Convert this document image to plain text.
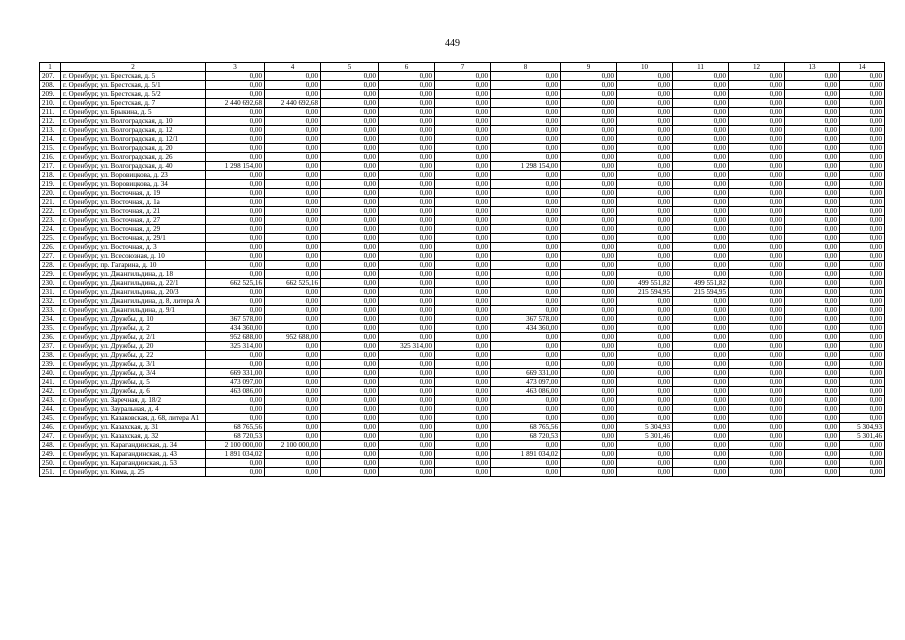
449
1	2	3	4	5	6	7	8	9	10	11	12	13	14
207.	г. Оренбург, ул. Брестская, д. 5	0,00	0,00	0,00	0,00	0,00	0,00	0,00	0,00	0,00	0,00	0,00	0,00
208.	г. Оренбург, ул. Брестская, д. 5/1	0,00	0,00	0,00	0,00	0,00	0,00	0,00	0,00	0,00	0,00	0,00	0,00
209.	г. Оренбург, ул. Брестская, д. 5/2	0,00	0,00	0,00	0,00	0,00	0,00	0,00	0,00	0,00	0,00	0,00	0,00
210.	г. Оренбург, ул. Брестская, д. 7	2 440 692,68	2 440 692,68	0,00	0,00	0,00	0,00	0,00	0,00	0,00	0,00	0,00	0,00
211.	г. Оренбург, ул. Брыкина, д. 5	0,00	0,00	0,00	0,00	0,00	0,00	0,00	0,00	0,00	0,00	0,00	0,00
212.	г. Оренбург, ул. Волгоградская, д. 10	0,00	0,00	0,00	0,00	0,00	0,00	0,00	0,00	0,00	0,00	0,00	0,00
213.	г. Оренбург, ул. Волгоградская, д. 12	0,00	0,00	0,00	0,00	0,00	0,00	0,00	0,00	0,00	0,00	0,00	0,00
214.	г. Оренбург, ул. Волгоградская, д. 12/1	0,00	0,00	0,00	0,00	0,00	0,00	0,00	0,00	0,00	0,00	0,00	0,00
215.	г. Оренбург, ул. Волгоградская, д. 20	0,00	0,00	0,00	0,00	0,00	0,00	0,00	0,00	0,00	0,00	0,00	0,00
216.	г. Оренбург, ул. Волгоградская, д. 26	0,00	0,00	0,00	0,00	0,00	0,00	0,00	0,00	0,00	0,00	0,00	0,00
217.	г. Оренбург, ул. Волгоградская, д. 40	1 298 154,00	0,00	0,00	0,00	0,00	1 298 154,00	0,00	0,00	0,00	0,00	0,00	0,00
218.	г. Оренбург, ул. Воровицкова, д. 23	0,00	0,00	0,00	0,00	0,00	0,00	0,00	0,00	0,00	0,00	0,00	0,00
219.	г. Оренбург, ул. Воровицкова, д. 34	0,00	0,00	0,00	0,00	0,00	0,00	0,00	0,00	0,00	0,00	0,00	0,00
220.	г. Оренбург, ул. Восточная, д. 19	0,00	0,00	0,00	0,00	0,00	0,00	0,00	0,00	0,00	0,00	0,00	0,00
221.	г. Оренбург, ул. Восточная, д. 1а	0,00	0,00	0,00	0,00	0,00	0,00	0,00	0,00	0,00	0,00	0,00	0,00
222.	г. Оренбург, ул. Восточная, д. 21	0,00	0,00	0,00	0,00	0,00	0,00	0,00	0,00	0,00	0,00	0,00	0,00
223.	г. Оренбург, ул. Восточная, д. 27	0,00	0,00	0,00	0,00	0,00	0,00	0,00	0,00	0,00	0,00	0,00	0,00
224.	г. Оренбург, ул. Восточная, д. 29	0,00	0,00	0,00	0,00	0,00	0,00	0,00	0,00	0,00	0,00	0,00	0,00
225.	г. Оренбург, ул. Восточная, д. 29/1	0,00	0,00	0,00	0,00	0,00	0,00	0,00	0,00	0,00	0,00	0,00	0,00
226.	г. Оренбург, ул. Восточная, д. 3	0,00	0,00	0,00	0,00	0,00	0,00	0,00	0,00	0,00	0,00	0,00	0,00
227.	г. Оренбург, ул. Всесоюзная, д. 10	0,00	0,00	0,00	0,00	0,00	0,00	0,00	0,00	0,00	0,00	0,00	0,00
228.	г. Оренбург, пр. Гагарина, д. 10	0,00	0,00	0,00	0,00	0,00	0,00	0,00	0,00	0,00	0,00	0,00	0,00
229.	г. Оренбург, ул. Джангильдина, д. 18	0,00	0,00	0,00	0,00	0,00	0,00	0,00	0,00	0,00	0,00	0,00	0,00
230.	г. Оренбург, ул. Джангильдина, д. 22/1	662 525,16	662 525,16	0,00	0,00	0,00	0,00	0,00	499 551,82	499 551,82	0,00	0,00	0,00
231.	г. Оренбург, ул. Джангильдина, д. 20/3	0,00	0,00	0,00	0,00	0,00	0,00	0,00	215 594,95	215 594,95	0,00	0,00	0,00
232.	г. Оренбург, ул. Джангильдина, д. 8, литера А	0,00	0,00	0,00	0,00	0,00	0,00	0,00	0,00	0,00	0,00	0,00	0,00
233.	г. Оренбург, ул. Джангильдина, д. 9/1	0,00	0,00	0,00	0,00	0,00	0,00	0,00	0,00	0,00	0,00	0,00	0,00
234.	г. Оренбург, ул. Дружбы, д. 10	367 578,00	0,00	0,00	0,00	0,00	367 578,00	0,00	0,00	0,00	0,00	0,00	0,00
235.	г. Оренбург, ул. Дружбы, д. 2	434 360,00	0,00	0,00	0,00	0,00	434 360,00	0,00	0,00	0,00	0,00	0,00	0,00
236.	г. Оренбург, ул. Дружбы, д. 2/1	952 688,00	952 688,00	0,00	0,00	0,00	0,00	0,00	0,00	0,00	0,00	0,00	0,00
237.	г. Оренбург, ул. Дружбы, д. 20	325 314,00	0,00	0,00	325 314,00	0,00	0,00	0,00	0,00	0,00	0,00	0,00	0,00
238.	г. Оренбург, ул. Дружбы, д. 22	0,00	0,00	0,00	0,00	0,00	0,00	0,00	0,00	0,00	0,00	0,00	0,00
239.	г. Оренбург, ул. Дружбы, д. 3/1	0,00	0,00	0,00	0,00	0,00	0,00	0,00	0,00	0,00	0,00	0,00	0,00
240.	г. Оренбург, ул. Дружбы, д. 3/4	669 331,00	0,00	0,00	0,00	0,00	669 331,00	0,00	0,00	0,00	0,00	0,00	0,00
241.	г. Оренбург, ул. Дружбы, д. 5	473 097,00	0,00	0,00	0,00	0,00	473 097,00	0,00	0,00	0,00	0,00	0,00	0,00
242.	г. Оренбург, ул. Дружбы, д. 6	463 086,00	0,00	0,00	0,00	0,00	463 086,00	0,00	0,00	0,00	0,00	0,00	0,00
243.	г. Оренбург, ул. Заречная, д. 18/2	0,00	0,00	0,00	0,00	0,00	0,00	0,00	0,00	0,00	0,00	0,00	0,00
244.	г. Оренбург, ул. Зауральная, д. 4	0,00	0,00	0,00	0,00	0,00	0,00	0,00	0,00	0,00	0,00	0,00	0,00
245.	г. Оренбург, ул. Казаковская, д. 68, литера А1	0,00	0,00	0,00	0,00	0,00	0,00	0,00	0,00	0,00	0,00	0,00	0,00
246.	г. Оренбург, ул. Казахская, д. 31	68 765,56	0,00	0,00	0,00	0,00	68 765,56	0,00	5 304,93	0,00	0,00	0,00	5 304,93
247.	г. Оренбург, ул. Казахская, д. 32	68 720,53	0,00	0,00	0,00	0,00	68 720,53	0,00	5 301,46	0,00	0,00	0,00	5 301,46
248.	г. Оренбург, ул. Карагандинская, д. 34	2 100 000,00	2 100 000,00	0,00	0,00	0,00	0,00	0,00	0,00	0,00	0,00	0,00	0,00
249.	г. Оренбург, ул. Карагандинская, д. 43	1 891 034,02	0,00	0,00	0,00	0,00	1 891 034,02	0,00	0,00	0,00	0,00	0,00	0,00
250.	г. Оренбург, ул. Карагандинская, д. 53	0,00	0,00	0,00	0,00	0,00	0,00	0,00	0,00	0,00	0,00	0,00	0,00
251.	г. Оренбург, ул. Кима, д. 25	0,00	0,00	0,00	0,00	0,00	0,00	0,00	0,00	0,00	0,00	0,00	0,00
